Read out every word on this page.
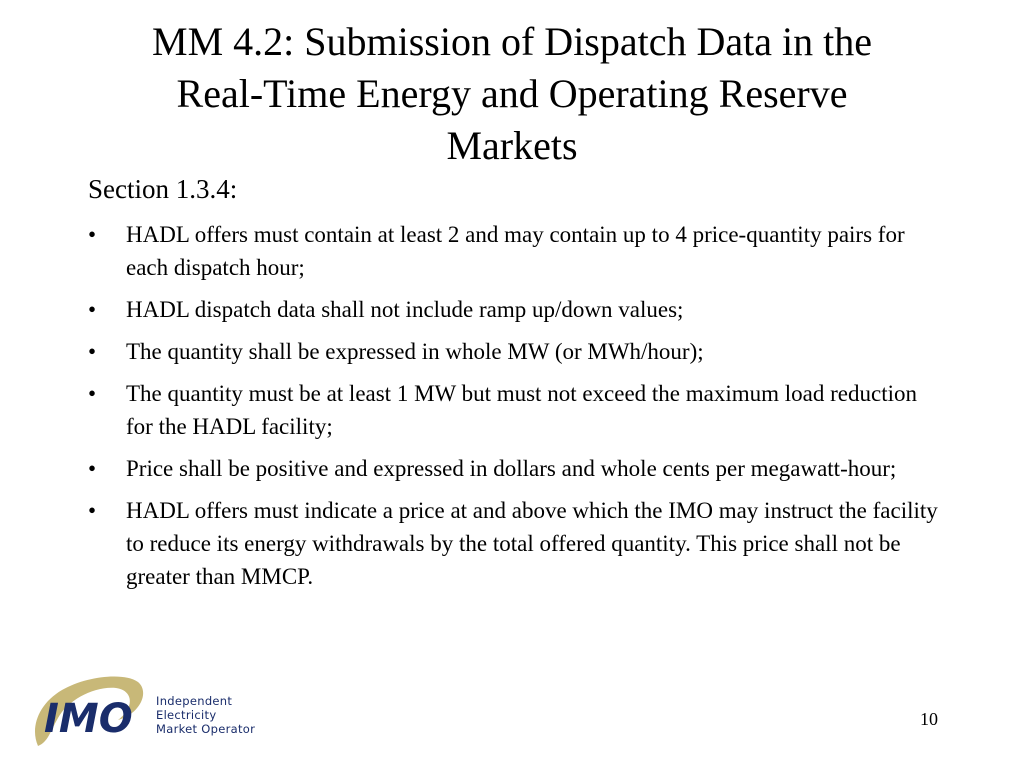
MM 4.2: Submission of Dispatch Data in the
Real-Time Energy and Operating Reserve
Markets

Section 1.3.4:

•	HADL offers must contain at least 2 and may contain up to 4 price-quantity pairs for each dispatch hour;
•	HADL dispatch data shall not include ramp up/down values;
•	The quantity shall be expressed in whole MW (or MWh/hour);
•	The quantity must be at least 1 MW but must not exceed the maximum load reduction for the HADL facility;
•	Price shall be positive and expressed in dollars and whole cents per megawatt-hour;
•	HADL offers must indicate a price at and above which the IMO may instruct the facility to reduce its energy withdrawals by the total offered quantity. This price shall not be greater than MMCP.
IMO Independent
Electricity
Market Operator	10
